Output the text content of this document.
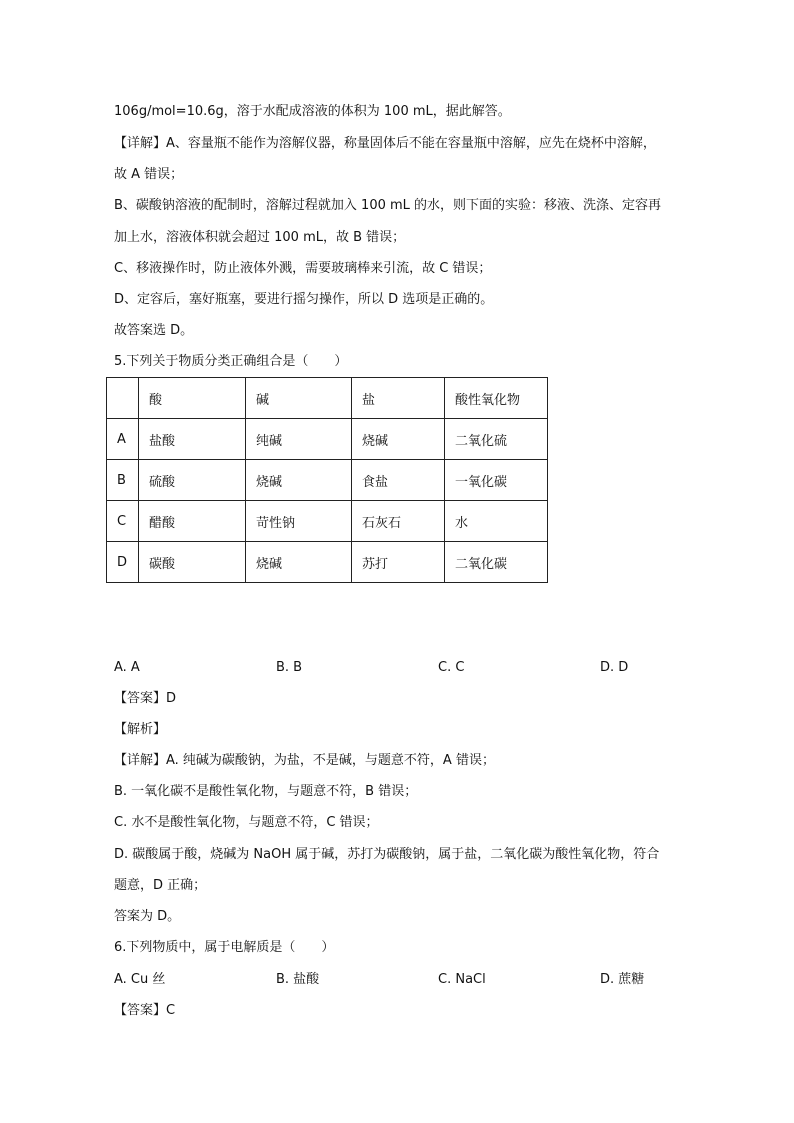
106g/mol=10.6g，溶于水配成溶液的体积为 100 mL，据此解答。
【详解】A、容量瓶不能作为溶解仪器，称量固体后不能在容量瓶中溶解，应先在烧杯中溶解，
故 A 错误；
B、碳酸钠溶液的配制时，溶解过程就加入 100 mL 的水，则下面的实验：移液、洗涤、定容再
加上水，溶液体积就会超过 100 mL，故 B 错误；
C、移液操作时，防止液体外溅，需要玻璃棒来引流，故 C 错误；
D、定容后，塞好瓶塞，要进行摇匀操作，所以 D 选项是正确的。
故答案选 D。
5.下列关于物质分类正确组合是（　　）
	酸	碱	盐	酸性氧化物
A	盐酸	纯碱	烧碱	二氧化硫
B	硫酸	烧碱	食盐	一氧化碳
C	醋酸	苛性钠	石灰石	水
D	碳酸	烧碱	苏打	二氧化碳
A. A	B. B	C. C	D. D
【答案】D
【解析】
【详解】A. 纯碱为碳酸钠，为盐，不是碱，与题意不符，A 错误；
B. 一氧化碳不是酸性氧化物，与题意不符，B 错误；
C. 水不是酸性氧化物，与题意不符，C 错误；
D. 碳酸属于酸，烧碱为 NaOH 属于碱，苏打为碳酸钠，属于盐，二氧化碳为酸性氧化物，符合
题意，D 正确；
答案为 D。
6.下列物质中，属于电解质是（　　）
A. Cu 丝	B. 盐酸	C. NaCl	D. 蔗糖
【答案】C
